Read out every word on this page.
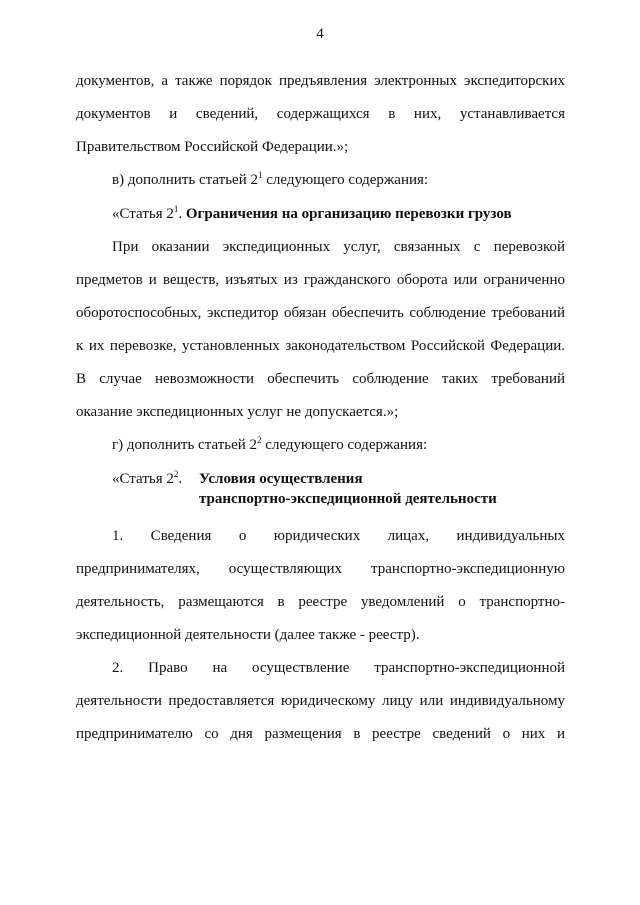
4
документов, а также порядок предъявления электронных экспедиторских
документов и сведений, содержащихся в них, устанавливается
Правительством Российской Федерации.»;
в) дополнить статьей $2^1$ следующего содержания:
«Статья $2^1$. Ограничения на организацию перевозки грузов
При оказании экспедиционных услуг, связанных с перевозкой
предметов и веществ, изъятых из гражданского оборота или ограниченно
оборотоспособных, экспедитор обязан обеспечить соблюдение требований
к их перевозке, установленных законодательством Российской Федерации.
В случае невозможности обеспечить соблюдение таких требований
оказание экспедиционных услуг не допускается.»;
г) дополнить статьей $2^2$ следующего содержания:
«Статья $2^2$. Условия осуществления
транспортно-экспедиционной деятельности
1. Сведения о юридических лицах, индивидуальных
предпринимателях, осуществляющих транспортно-экспедиционную
деятельность, размещаются в реестре уведомлений о транспортно-
экспедиционной деятельности (далее также - реестр).
2. Право на осуществление транспортно-экспедиционной
деятельности предоставляется юридическому лицу или индивидуальному
предпринимателю со дня размещения в реестре сведений о них и
